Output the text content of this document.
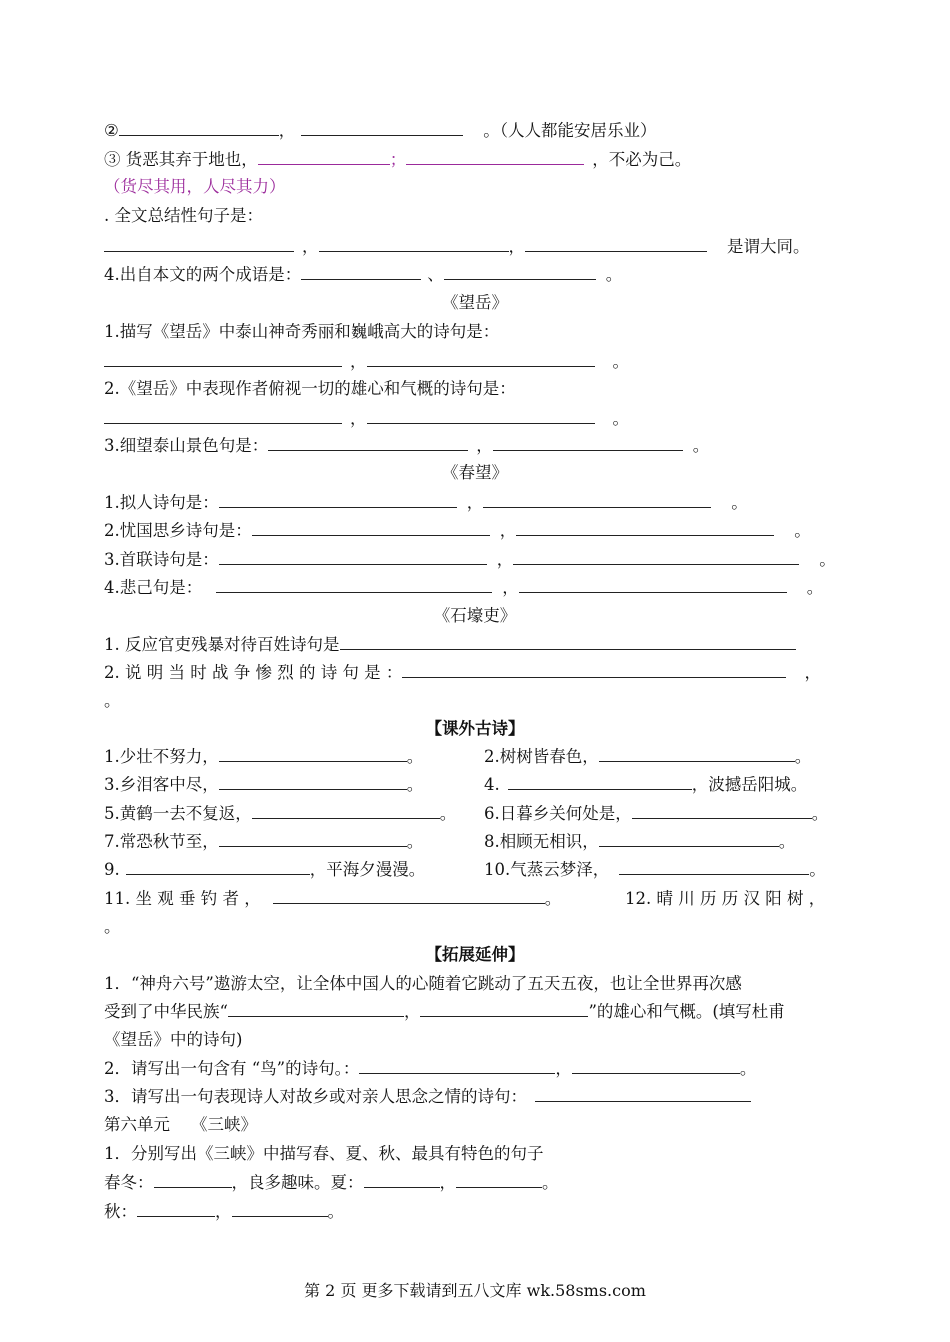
②	，	。（人人都能安居乐业）
③ 货恶其弃于地也，	；	，不必为己。
（货尽其用，人尽其力）
. 全文总结性句子是：
，	，	是谓大同。
4.出自本文的两个成语是：	、	。
《望岳》
1.描写《望岳》中泰山神奇秀丽和巍峨高大的诗句是：
，	。
2.《望岳》中表现作者俯视一切的雄心和气概的诗句是：
，	。
3.细望泰山景色句是：	，	。
《春望》
1.拟人诗句是：	，	。
2.忧国思乡诗句是：	，	。
3.首联诗句是：	，	。
4.悲己句是：	，	。
《石壕吏》
1. 反应官吏残暴对待百姓诗句是
2. 说 明 当 时 战 争 惨 烈 的 诗 句 是 ：	，
。
【课外古诗】
1.少壮不努力，	。	2.树树皆春色，	。
3.乡泪客中尽，	。	4.	，波撼岳阳城。
5.黄鹤一去不复返，	。 6.日暮乡关何处是，	。
7.常恐秋节至，	。	8.相顾无相识，	。
9.	，平海夕漫漫。	10.气蒸云梦泽，	。
11. 坐 观 垂 钓 者 ，	。	12. 晴 川 历 历 汉 阳 树 ，
。
【拓展延伸】
1．“神舟六号”遨游太空，让全体中国人的心随着它跳动了五天五夜，也让全世界再次感
受到了中华民族“	，	”的雄心和气概。(填写杜甫
《望岳》中的诗句)
2．请写出一句含有 “鸟”的诗句。：	，	。
3．请写出一句表现诗人对故乡或对亲人思念之情的诗句：
第六单元    《三峡》
1．分别写出《三峡》中描写春、夏、秋、最具有特色的句子
春冬：	，良多趣味。夏：	，	。
秋：	，	。
第 2 页 更多下载请到五八文库 wk.58sms.com
